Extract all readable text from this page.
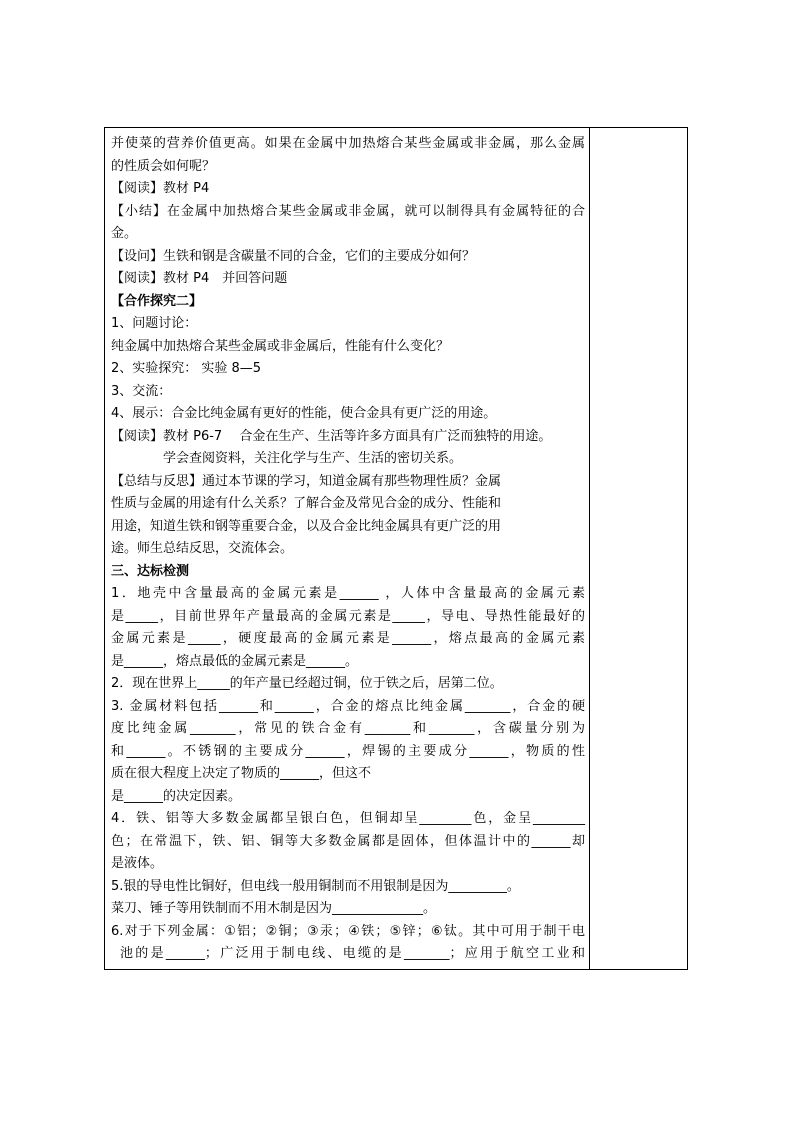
并使菜的营养价值更高。如果在金属中加热熔合某些金属或非金属，那么金属
的性质会如何呢？
【阅读】教材 P4
【小结】在金属中加热熔合某些金属或非金属，就可以制得具有金属特征的合
金。
【设问】生铁和钢是含碳量不同的合金，它们的主要成分如何？
【阅读】教材 P4　并回答问题
【合作探究二】
1、问题讨论：
纯金属中加热熔合某些金属或非金属后，性能有什么变化？
2、实验探究： 实验 8—5
3、交流：
4、展示：合金比纯金属有更好的性能，使合金具有更广泛的用途。
【阅读】教材 P6-7　 合金在生产、生活等许多方面具有广泛而独特的用途。
学会查阅资料，关注化学与生产、生活的密切关系。
【总结与反思】通过本节课的学习，知道金属有那些物理性质？金属
性质与金属的用途有什么关系？了解合金及常见合金的成分、性能和
用途，知道生铁和钢等重要合金，以及合金比纯金属具有更广泛的用
途。师生总结反思，交流体会。
三、达标检测
1．地壳中含量最高的金属元素是______ ，人体中含量最高的金属元素
是_____，目前世界年产量最高的金属元素是_____，导电、导热性能最好的
金属元素是_____，硬度最高的金属元素是______，熔点最高的金属元素
是______，熔点最低的金属元素是______。
2．现在世界上_____的年产量已经超过铜，位于铁之后，居第二位。
3. 金属材料包括______和______，合金的熔点比纯金属_______，合金的硬
度比纯金属_______，常见的铁合金有_______和_______，含碳量分别为
和______。不锈钢的主要成分______，焊锡的主要成分______，物质的性
质在很大程度上决定了物质的______，但这不
是______的决定因素。
4．铁、铝等大多数金属都呈银白色，但铜却呈________色，金呈________
色；在常温下，铁、铝、铜等大多数金属都是固体，但体温计中的______却
是液体。
5.银的导电性比铜好，但电线一般用铜制而不用银制是因为_________。
菜刀、锤子等用铁制而不用木制是因为______________。
6.对于下列金属：①铝；②铜；③汞；④铁；⑤锌；⑥钛。其中可用于制干电
池的是______；广泛用于制电线、电缆的是_______；应用于航空工业和
